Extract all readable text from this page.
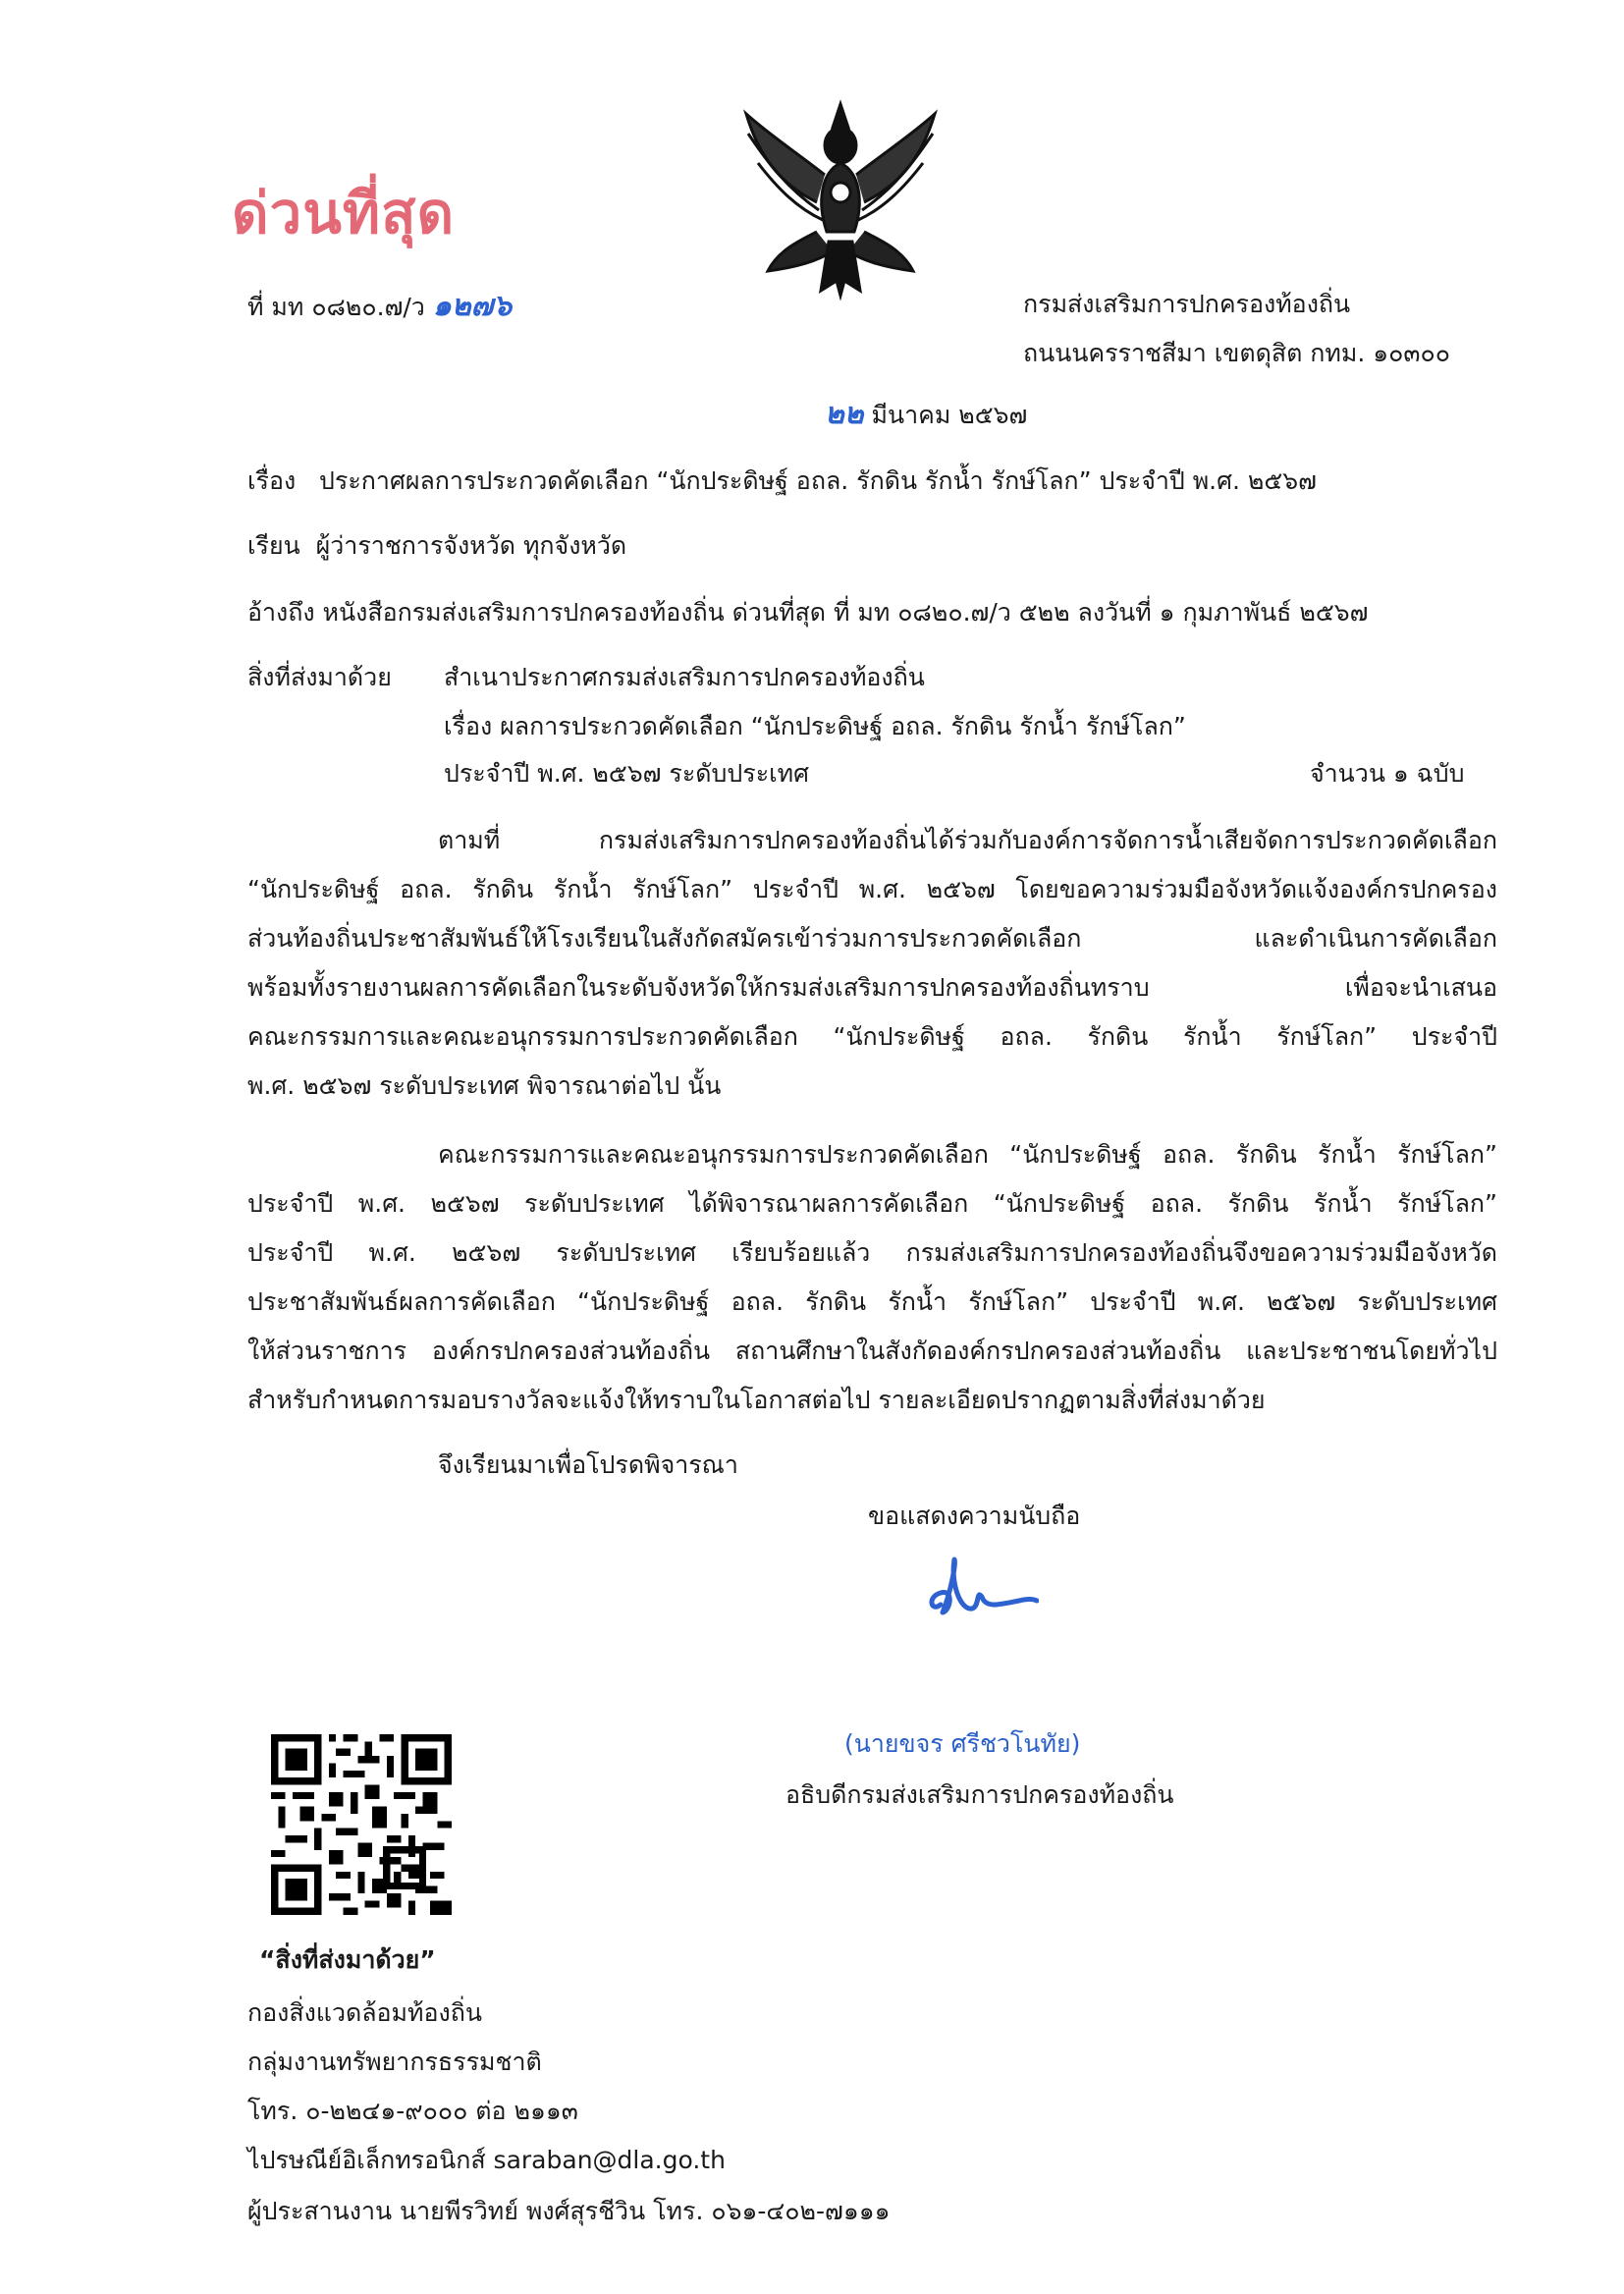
ด่วนที่สุด
ที่ มท ๐๘๒๐.๗/ว ๑๒๗๖	กรมส่งเสริมการปกครองท้องถิ่น
ถนนนครราชสีมา เขตดุสิต กทม. ๑๐๓๐๐
๒๒ มีนาคม ๒๕๖๗
เรื่อง ประกาศผลการประกวดคัดเลือก “นักประดิษฐ์ อถล. รักดิน รักน้ำ รักษ์โลก” ประจำปี พ.ศ. ๒๕๖๗
เรียน ผู้ว่าราชการจังหวัด ทุกจังหวัด
อ้างถึง หนังสือกรมส่งเสริมการปกครองท้องถิ่น ด่วนที่สุด ที่ มท ๐๘๒๐.๗/ว ๕๒๒ ลงวันที่ ๑ กุมภาพันธ์ ๒๕๖๗
สิ่งที่ส่งมาด้วย สำเนาประกาศกรมส่งเสริมการปกครองท้องถิ่น
เรื่อง ผลการประกวดคัดเลือก “นักประดิษฐ์ อถล. รักดิน รักน้ำ รักษ์โลก”
ประจำปี พ.ศ. ๒๕๖๗ ระดับประเทศ	จำนวน ๑ ฉบับ
ตามที่ กรมส่งเสริมการปกครองท้องถิ่นได้ร่วมกับองค์การจัดการน้ำเสียจัดการประกวดคัดเลือก
“นักประดิษฐ์ อถล. รักดิน รักน้ำ รักษ์โลก” ประจำปี พ.ศ. ๒๕๖๗ โดยขอความร่วมมือจังหวัดแจ้งองค์กรปกครอง
ส่วนท้องถิ่นประชาสัมพันธ์ให้โรงเรียนในสังกัดสมัครเข้าร่วมการประกวดคัดเลือก และดำเนินการคัดเลือก
พร้อมทั้งรายงานผลการคัดเลือกในระดับจังหวัดให้กรมส่งเสริมการปกครองท้องถิ่นทราบ เพื่อจะนำเสนอ
คณะกรรมการและคณะอนุกรรมการประกวดคัดเลือก “นักประดิษฐ์ อถล. รักดิน รักน้ำ รักษ์โลก” ประจำปี
พ.ศ. ๒๕๖๗ ระดับประเทศ พิจารณาต่อไป นั้น
คณะกรรมการและคณะอนุกรรมการประกวดคัดเลือก “นักประดิษฐ์ อถล. รักดิน รักน้ำ รักษ์โลก”
ประจำปี พ.ศ. ๒๕๖๗ ระดับประเทศ ได้พิจารณาผลการคัดเลือก “นักประดิษฐ์ อถล. รักดิน รักน้ำ รักษ์โลก”
ประจำปี พ.ศ. ๒๕๖๗ ระดับประเทศ เรียบร้อยแล้ว กรมส่งเสริมการปกครองท้องถิ่นจึงขอความร่วมมือจังหวัด
ประชาสัมพันธ์ผลการคัดเลือก “นักประดิษฐ์ อถล. รักดิน รักน้ำ รักษ์โลก” ประจำปี พ.ศ. ๒๕๖๗ ระดับประเทศ
ให้ส่วนราชการ องค์กรปกครองส่วนท้องถิ่น สถานศึกษาในสังกัดองค์กรปกครองส่วนท้องถิ่น และประชาชนโดยทั่วไป
สำหรับกำหนดการมอบรางวัลจะแจ้งให้ทราบในโอกาสต่อไป รายละเอียดปรากฏตามสิ่งที่ส่งมาด้วย
จึงเรียนมาเพื่อโปรดพิจารณา
ขอแสดงความนับถือ
(นายขจร ศรีชวโนทัย)
อธิบดีกรมส่งเสริมการปกครองท้องถิ่น
“สิ่งที่ส่งมาด้วย”
กองสิ่งแวดล้อมท้องถิ่น
กลุ่มงานทรัพยากรธรรมชาติ
โทร. ๐-๒๒๔๑-๙๐๐๐ ต่อ ๒๑๑๓
ไปรษณีย์อิเล็กทรอนิกส์ saraban@dla.go.th
ผู้ประสานงาน นายพีรวิทย์ พงศ์สุรชีวิน โทร. ๐๖๑-๔๐๒-๗๑๑๑
